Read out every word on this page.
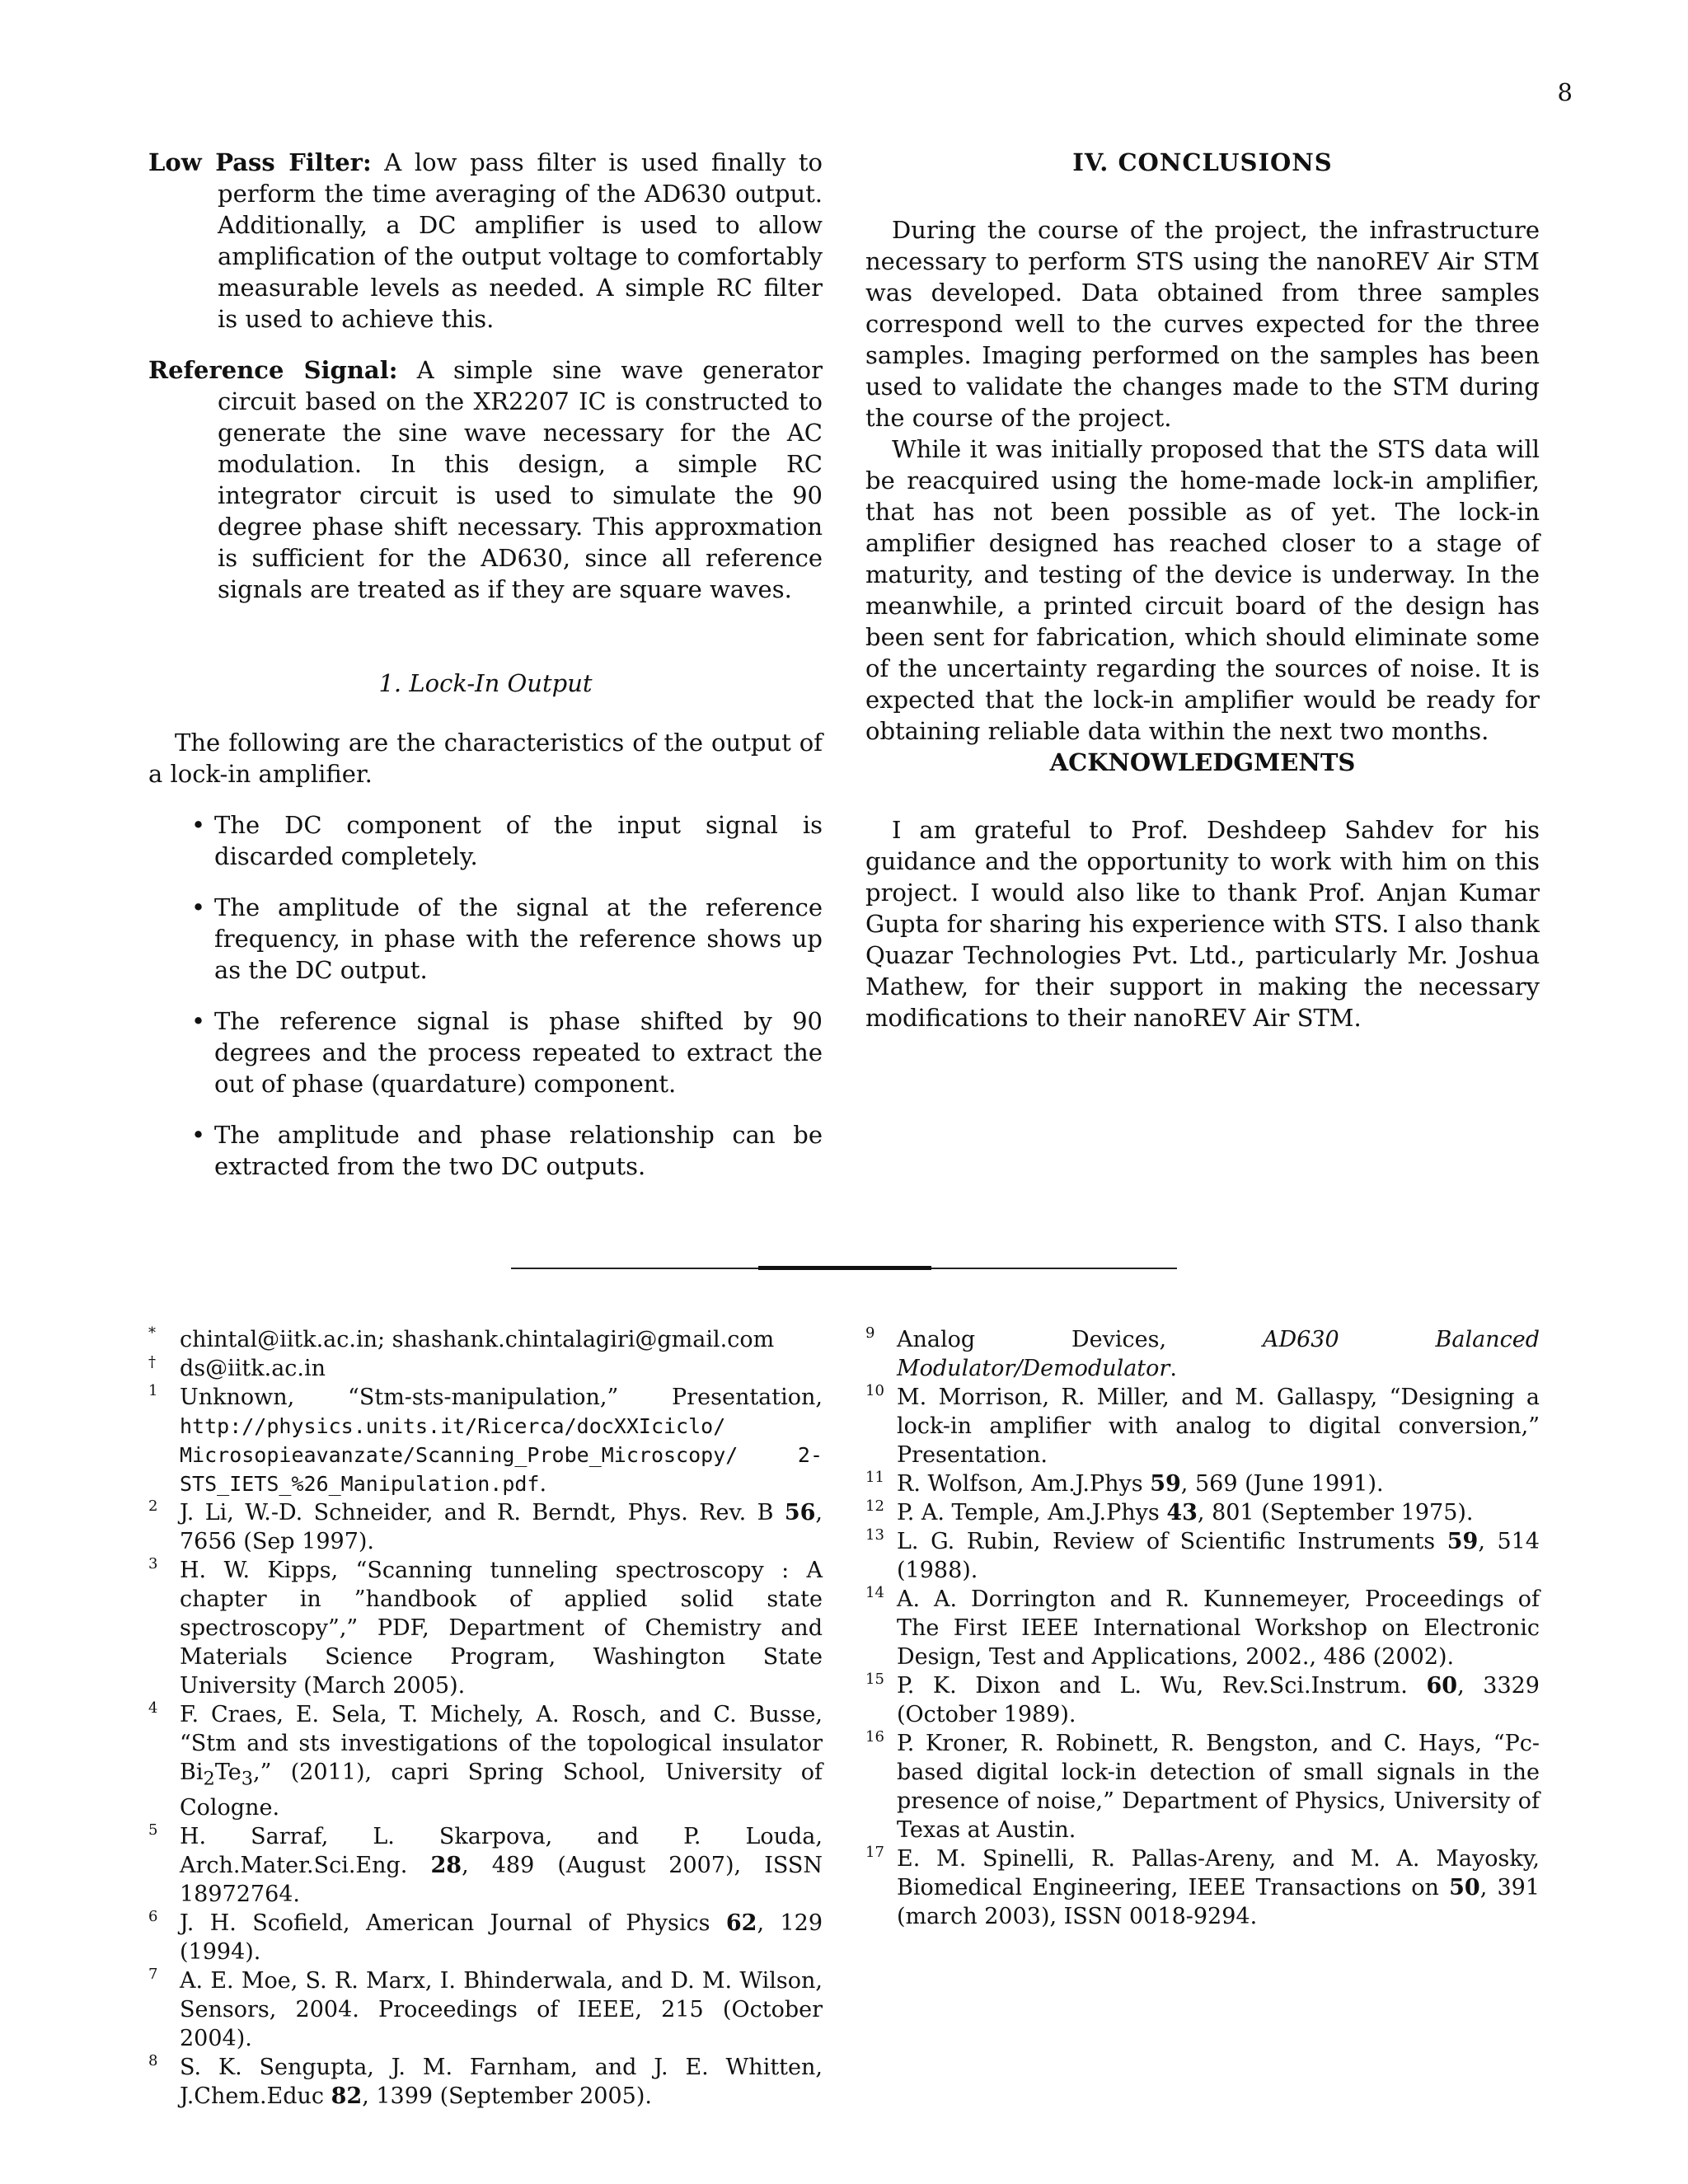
8
Low Pass Filter: A low pass filter is used finally to perform the time averaging of the AD630 output. Additionally, a DC amplifier is used to allow amplification of the output voltage to comfortably measurable levels as needed. A simple RC filter is used to achieve this.
Reference Signal: A simple sine wave generator circuit based on the XR2207 IC is constructed to generate the sine wave necessary for the AC modulation. In this design, a simple RC integrator circuit is used to simulate the 90 degree phase shift necessary. This approxmation is sufficient for the AD630, since all reference signals are treated as if they are square waves.
1. Lock-In Output

The following are the characteristics of the output of a lock-in amplifier.

• The DC component of the input signal is discarded completely.
• The amplitude of the signal at the reference frequency, in phase with the reference shows up as the DC output.
• The reference signal is phase shifted by 90 degrees and the process repeated to extract the out of phase (quardature) component.
• The amplitude and phase relationship can be extracted from the two DC outputs.
IV. CONCLUSIONS

During the course of the project, the infrastructure necessary to perform STS using the nanoREV Air STM was developed. Data obtained from three samples correspond well to the curves expected for the three samples. Imaging performed on the samples has been used to validate the changes made to the STM during the course of the project.

While it was initially proposed that the STS data will be reacquired using the home-made lock-in amplifier, that has not been possible as of yet. The lock-in amplifier designed has reached closer to a stage of maturity, and testing of the device is underway. In the meanwhile, a printed circuit board of the design has been sent for fabrication, which should eliminate some of the uncertainty regarding the sources of noise. It is expected that the lock-in amplifier would be ready for obtaining reliable data within the next two months.

ACKNOWLEDGMENTS

I am grateful to Prof. Deshdeep Sahdev for his guidance and the opportunity to work with him on this project. I would also like to thank Prof. Anjan Kumar Gupta for sharing his experience with STS. I also thank Quazar Technologies Pvt. Ltd., particularly Mr. Joshua Mathew, for their support in making the necessary modifications to their nanoREV Air STM.

* chintal@iitk.ac.in; shashank.chintalagiri@gmail.com
† ds@iitk.ac.in
1 Unknown, “Stm-sts-manipulation,” Presentation, http://physics.units.it/Ricerca/docXXIciclo/ Microsopieavanzate/Scanning_Probe_Microscopy/ 2-STS_IETS_%26_Manipulation.pdf.
2 J. Li, W.-D. Schneider, and R. Berndt, Phys. Rev. B 56, 7656 (Sep 1997).
3 H. W. Kipps, “Scanning tunneling spectroscopy : A chapter in ”handbook of applied solid state spectroscopy”,” PDF, Department of Chemistry and Materials Science Program, Washington State University (March 2005).
4 F. Craes, E. Sela, T. Michely, A. Rosch, and C. Busse, “Stm and sts investigations of the topological insulator $Bi_2Te_3$,” (2011), capri Spring School, University of Cologne.
5 H. Sarraf, L. Skarpova, and P. Louda, Arch.Mater.Sci.Eng. 28, 489 (August 2007), ISSN 18972764.
6 J. H. Scofield, American Journal of Physics 62, 129 (1994).
7 A. E. Moe, S. R. Marx, I. Bhinderwala, and D. M. Wilson, Sensors, 2004. Proceedings of IEEE, 215 (October 2004).
8 S. K. Sengupta, J. M. Farnham, and J. E. Whitten, J.Chem.Educ 82, 1399 (September 2005).
9 Analog Devices, AD630 Balanced Modulator/Demodulator.
10 M. Morrison, R. Miller, and M. Gallaspy, “Designing a lock-in amplifier with analog to digital conversion,” Presentation.
11 R. Wolfson, Am.J.Phys 59, 569 (June 1991).
12 P. A. Temple, Am.J.Phys 43, 801 (September 1975).
13 L. G. Rubin, Review of Scientific Instruments 59, 514 (1988).
14 A. A. Dorrington and R. Kunnemeyer, Proceedings of The First IEEE International Workshop on Electronic Design, Test and Applications, 2002., 486 (2002).
15 P. K. Dixon and L. Wu, Rev.Sci.Instrum. 60, 3329 (October 1989).
16 P. Kroner, R. Robinett, R. Bengston, and C. Hays, “Pc-based digital lock-in detection of small signals in the presence of noise,” Department of Physics, University of Texas at Austin.
17 E. M. Spinelli, R. Pallas-Areny, and M. A. Mayosky, Biomedical Engineering, IEEE Transactions on 50, 391 (march 2003), ISSN 0018-9294.
